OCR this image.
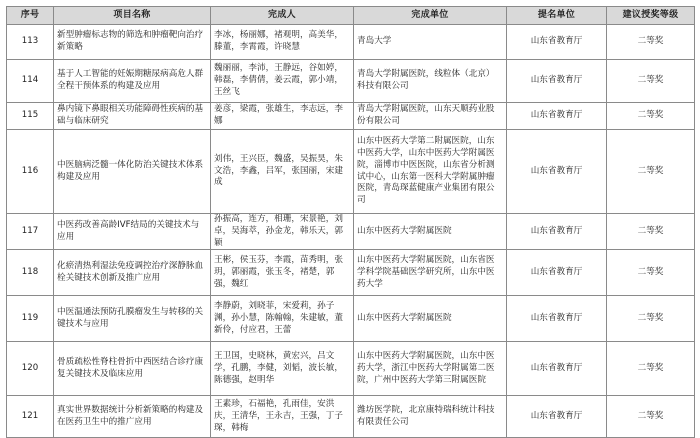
序号	项目名称	完成人	完成单位	提名单位	建议授奖等级
113	新型肿瘤标志物的筛选和肿瘤靶向治疗新策略	李冰，杨丽娜，褚观明，高美华，滕董，李霄霞，许晓慧	青岛大学	山东省教育厅	二等奖
114	基于人工智能的妊娠期糖尿病高危人群全程干预体系的构建及应用	魏丽丽，李沛，王静远，谷如婷，韩磊，李倩倩，姜云霞，郭小靖，王丝飞	青岛大学附属医院，线粒体（北京）科技有限公司	山东省教育厅	二等奖
115	鼻内镜下鼻眼相关功能障碍性疾病的基础与临床研究	姜彦，梁霞，张雄生，李志远，李娜	青岛大学附属医院，山东天顺药业股份有限公司	山东省教育厅	二等奖
116	中医脑病泛髓一体化防治关键技术体系构建及应用	刘伟，王兴臣，魏盛，吴振昊，朱文浩，李鑫，吕军，张国丽，宋建成	山东中医药大学第二附属医院，山东中医药大学，山东中医药大学附属医院，淄博市中医医院，山东省分析测试中心，山东第一医科大学附属肿瘤医院，青岛琛蓝健康产业集团有限公司	山东省教育厅	二等奖
117	中医药改善高龄IVF结局的关键技术与应用	孙振高，连方，相珊，宋景艳，刘卓，吴海萃，孙金龙，韩乐天，郭颖	山东中医药大学附属医院	山东省教育厅	二等奖
118	化瘀清热利湿法免疫调控治疗深静脉血栓关键技术创新及推广应用	王彬，侯玉芬，李霞，苗秀明，张玥，郭丽霞，张玉冬，褚楚，郭强，魏红	山东中医药大学附属医院，山东省医学科学院基础医学研究所，山东中医药大学	山东省教育厅	二等奖
119	中医温通法预防孔膜瘤发生与转移的关键技术与应用	李静蔚，刘晓菲，宋爱莉，孙子渊，孙小慧，陈翰翰，朱建敏，董新伶，付应君，王蕾	山东中医药大学附属医院	山东省教育厅	二等奖
120	骨质疏松性脊柱骨折中西医结合诊疗康复关键技术及临床应用	王卫国，史晓林，黄宏兴，吕文学，孔鹏，李健，刘韬，波长敏，陈德强，赵明华	山东中医药大学附属医院，山东中医药大学，浙江中医药大学附属第二医院，广州中医药大学第三附属医院	山东省教育厅	二等奖
121	真实世界数据统计分析新策略的构建及在医药卫生中的推广应用	王素珍，石福艳，孔雨佳，安洪庆，王清华，王永吉，王强，丁子琛，韩梅	潍坊医学院，北京康特瑞科统计科技有限责任公司	山东省教育厅	二等奖
